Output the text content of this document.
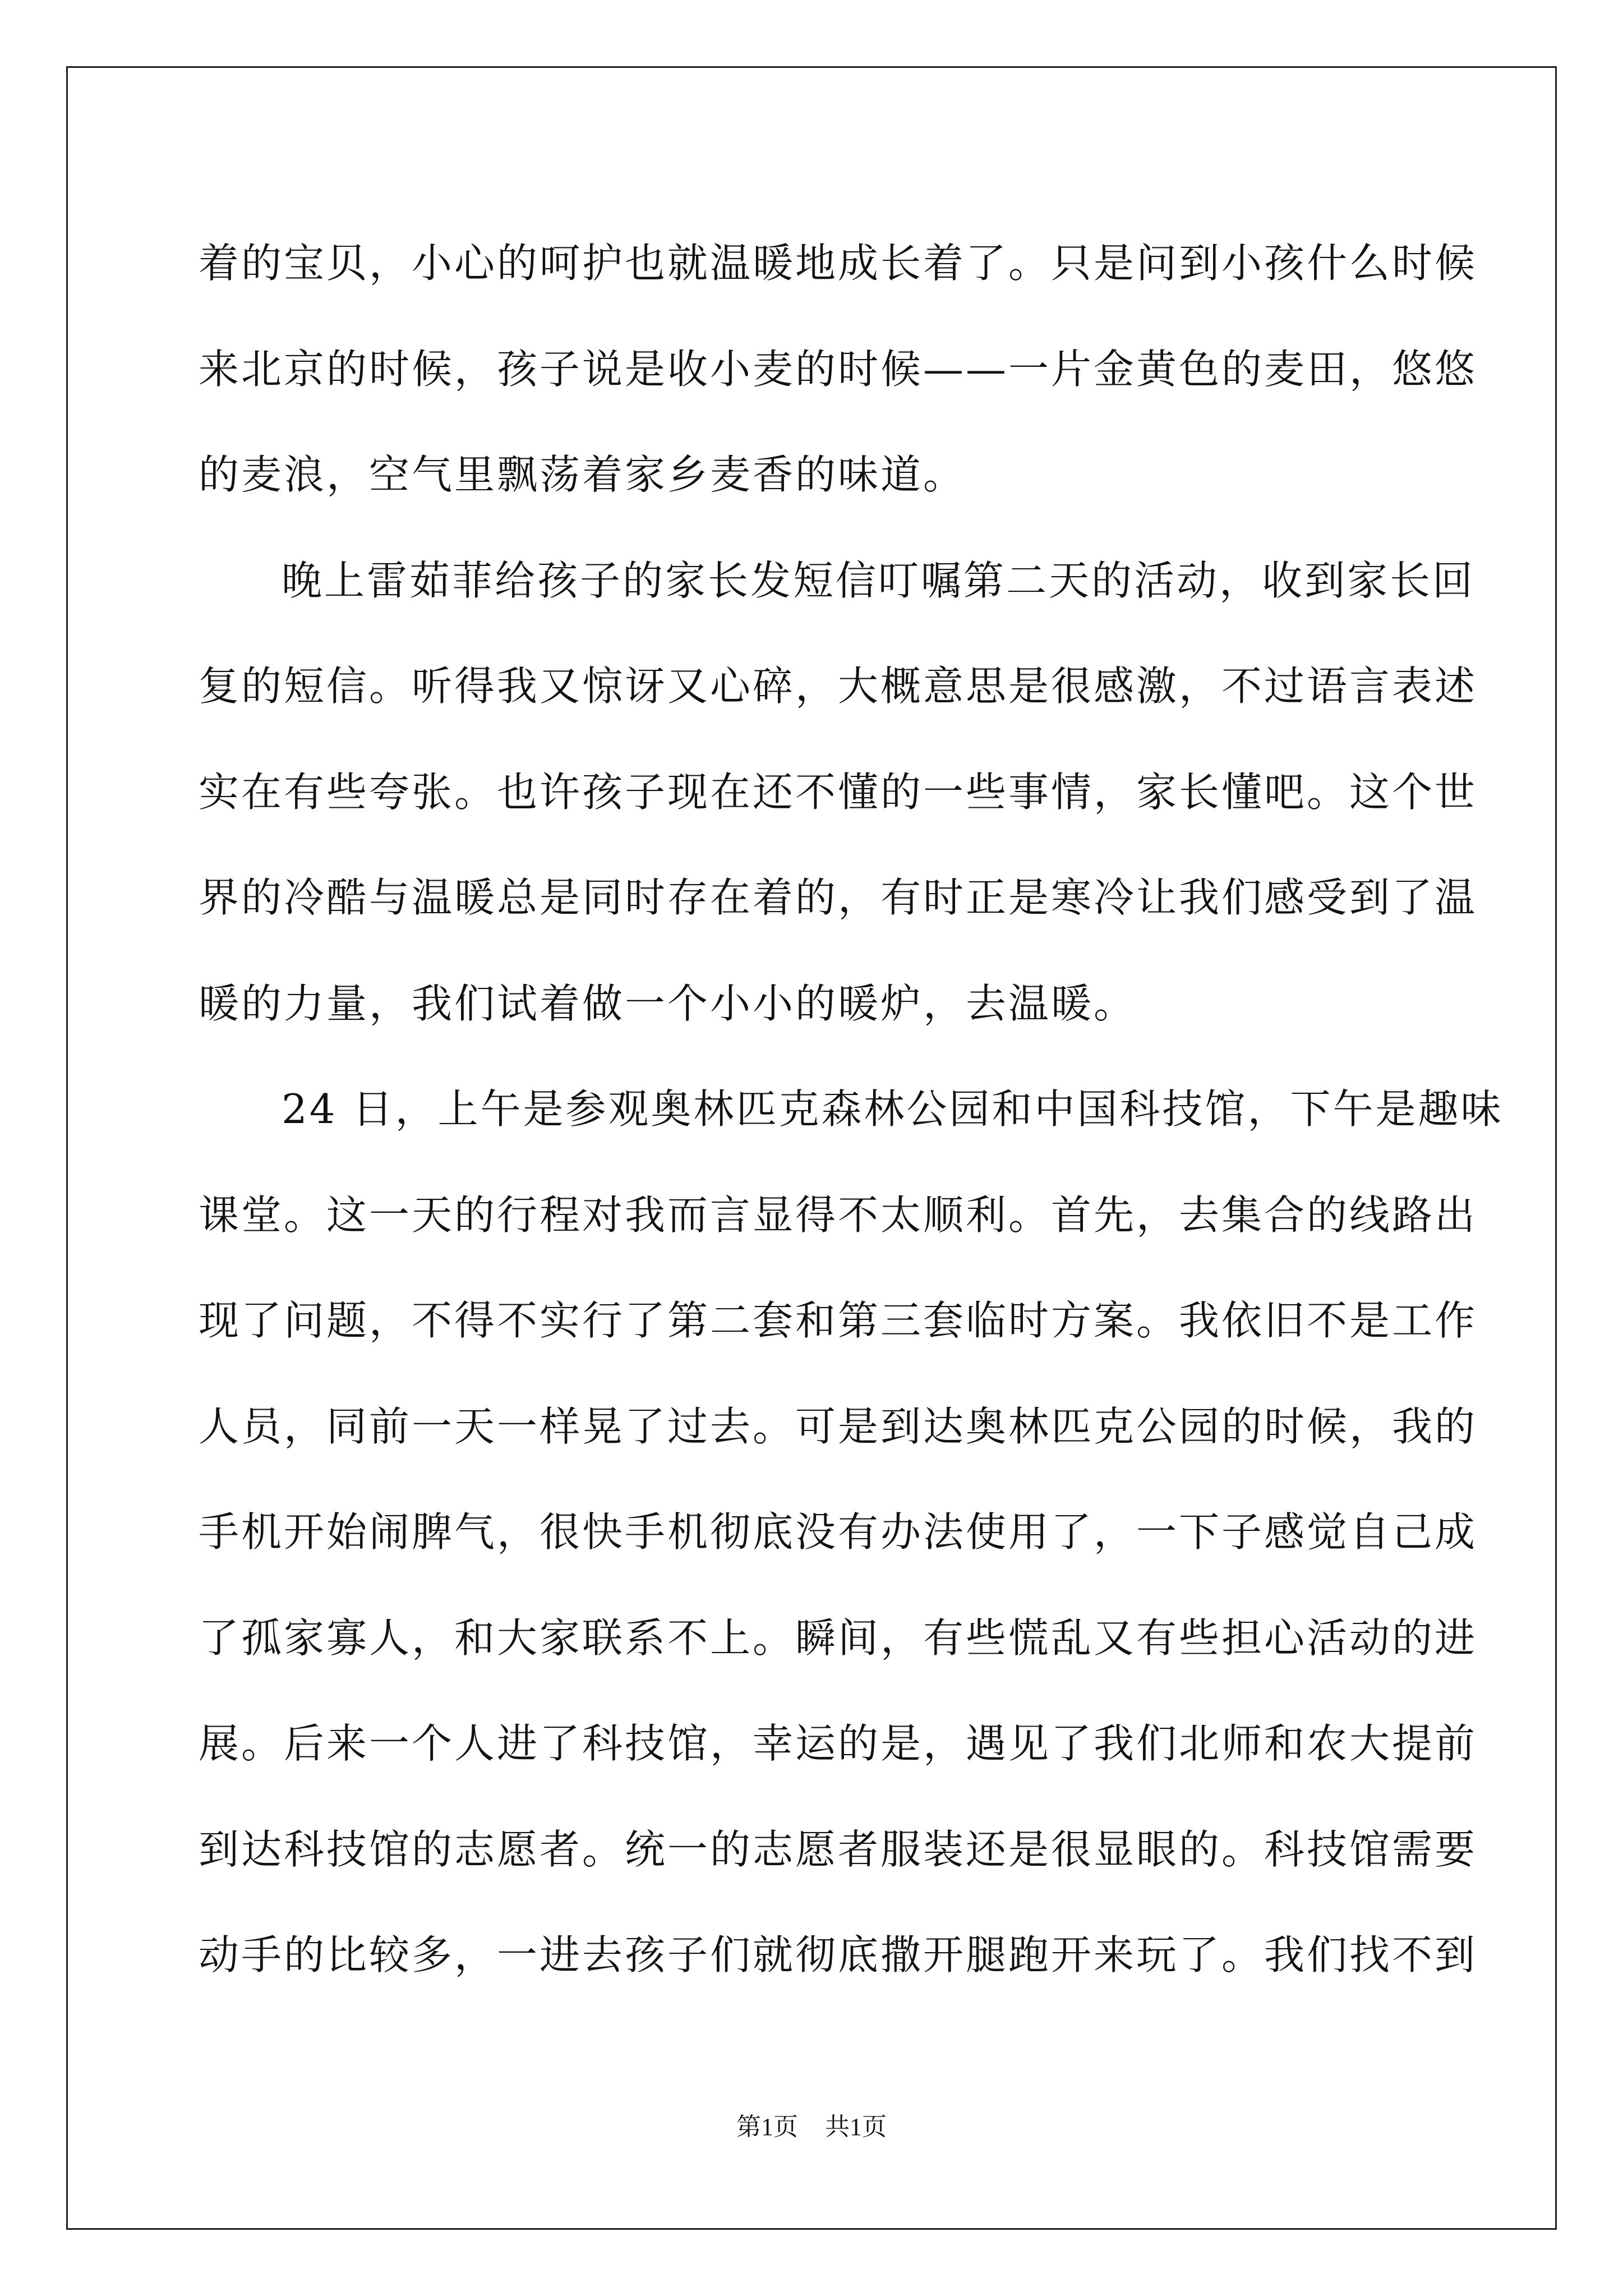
着的宝贝，小心的呵护也就温暖地成长着了。只是问到小孩什么时候
来北京的时候，孩子说是收小麦的时候——一片金黄色的麦田，悠悠
的麦浪，空气里飘荡着家乡麦香的味道。
晚上雷茹菲给孩子的家长发短信叮嘱第二天的活动，收到家长回
复的短信。听得我又惊讶又心碎，大概意思是很感激，不过语言表述
实在有些夸张。也许孩子现在还不懂的一些事情，家长懂吧。这个世
界的冷酷与温暖总是同时存在着的，有时正是寒冷让我们感受到了温
暖的力量，我们试着做一个小小的暖炉，去温暖。
24 日，上午是参观奥林匹克森林公园和中国科技馆，下午是趣味
课堂。这一天的行程对我而言显得不太顺利。首先，去集合的线路出
现了问题，不得不实行了第二套和第三套临时方案。我依旧不是工作
人员，同前一天一样晃了过去。可是到达奥林匹克公园的时候，我的
手机开始闹脾气，很快手机彻底没有办法使用了，一下子感觉自己成
了孤家寡人，和大家联系不上。瞬间，有些慌乱又有些担心活动的进
展。后来一个人进了科技馆，幸运的是，遇见了我们北师和农大提前
到达科技馆的志愿者。统一的志愿者服装还是很显眼的。科技馆需要
动手的比较多，一进去孩子们就彻底撒开腿跑开来玩了。我们找不到
第1页 共1页
